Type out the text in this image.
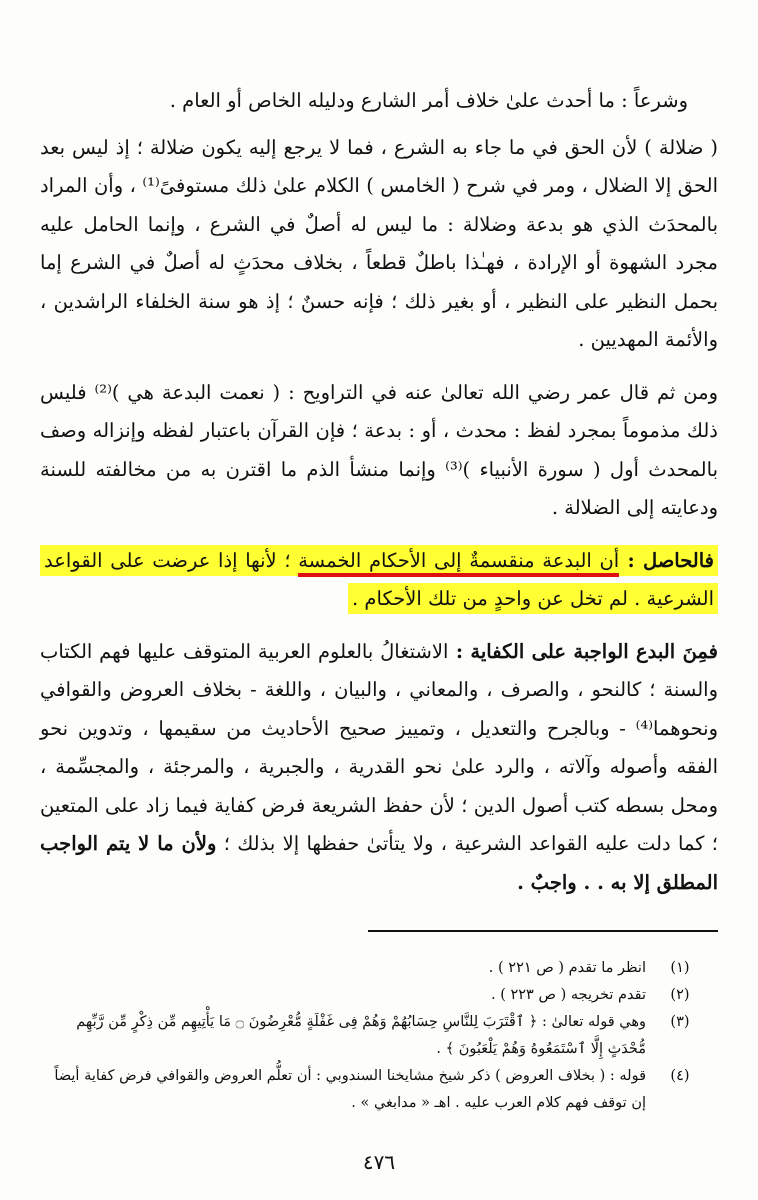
وشرعاً : ما أحدث علىٰ خلاف أمر الشارع ودليله الخاص أو العام .

( ضلالة ) لأن الحق في ما جاء به الشرع ، فما لا يرجع إليه يكون ضلالة ؛ إذ ليس بعد الحق إلا الضلال ، ومر في شرح ( الخامس ) الكلام علىٰ ذلك مستوفىً⁽¹⁾ ، وأن المراد بالمحدَث الذي هو بدعة وضلالة : ما ليس له أصلٌ في الشرع ، وإنما الحامل عليه مجرد الشهوة أو الإرادة ، فهـٰذا باطلٌ قطعاً ، بخلاف محدَثٍ له أصلٌ في الشرع إما بحمل النظير على النظير ، أو بغير ذلك ؛ فإنه حسنٌ ؛ إذ هو سنة الخلفاء الراشدين ، والأئمة المهديين .

ومن ثم قال عمر رضي الله تعالىٰ عنه في التراويح : ( نعمت البدعة هي )⁽²⁾ فليس ذلك مذموماً بمجرد لفظ : محدث ، أو : بدعة ؛ فإن القرآن باعتبار لفظه وإنزاله وصف بالمحدث أول ( سورة الأنبياء )⁽³⁾ وإنما منشأ الذم ما اقترن به من مخالفته للسنة ودعايته إلى الضلالة .

فالحاصل : أن البدعة منقسمةٌ إلى الأحكام الخمسة ؛ لأنها إذا عرضت على القواعد الشرعية . لم تخل عن واحدٍ من تلك الأحكام .

فمِنَ البدع الواجبة على الكفاية : الاشتغالُ بالعلوم العربية المتوقف عليها فهم الكتاب والسنة ؛ كالنحو ، والصرف ، والمعاني ، والبيان ، واللغة - بخلاف العروض والقوافي ونحوهما⁽⁴⁾ - وبالجرح والتعديل ، وتمييز صحيح الأحاديث من سقيمها ، وتدوين نحو الفقه وأصوله وآلاته ، والرد علىٰ نحو القدرية ، والجبرية ، والمرجئة ، والمجسِّمة ، ومحل بسطه كتب أصول الدين ؛ لأن حفظ الشريعة فرض كفاية فيما زاد على المتعين ؛ كما دلت عليه القواعد الشرعية ، ولا يتأتىٰ حفظها إلا بذلك ؛ ولأن ما لا يتم الواجب المطلق إلا به . . واجبٌ .

(١)
انظر ما تقدم ( ص ٢٢١ ) .
(٢)
تقدم تخريجه ( ص ٢٢٣ ) .
(٣)
وهي قوله تعالىٰ : ﴿ ٱقْتَرَبَ لِلنَّاسِ حِسَابُهُمْ وَهُمْ فِى غَفْلَةٍ مُّعْرِضُونَ ۝ مَا يَأْتِيهِم مِّن ذِكْرٍ مِّن رَّبِّهِم مُّحْدَثٍ إِلَّا ٱسْتَمَعُوهُ وَهُمْ يَلْعَبُونَ ﴾ .
(٤)
قوله : ( بخلاف العروض ) ذكر شيخ مشايخنا السندوبي : أن تعلُّم العروض والقوافي فرض كفاية أيضاً إن توقف فهم كلام العرب عليه . اهـ « مدابغي » .
٤٧٦
